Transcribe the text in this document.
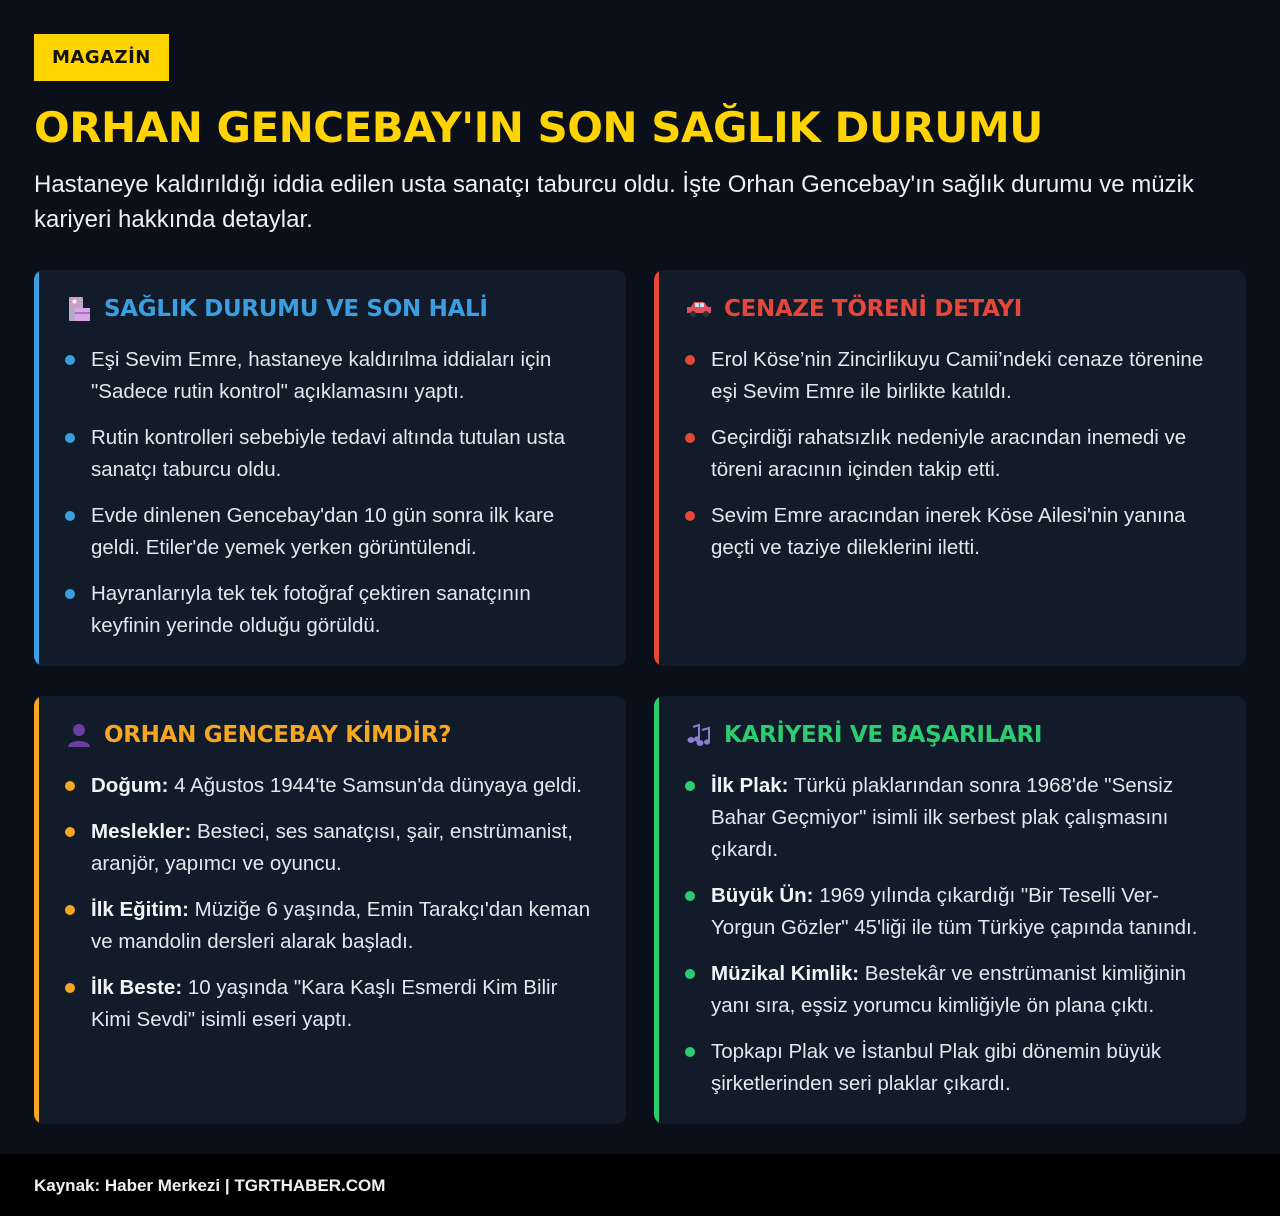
MAGAZİN
ORHAN GENCEBAY'IN SON SAĞLIK DURUMU

Hastaneye kaldırıldığı iddia edilen usta sanatçı taburcu oldu. İşte Orhan Gencebay'ın sağlık durumu ve müzik kariyeri hakkında detaylar.

SAĞLIK DURUMU VE SON HALİ
Eşi Sevim Emre, hastaneye kaldırılma iddiaları için "Sadece rutin kontrol" açıklamasını yaptı.
Rutin kontrolleri sebebiyle tedavi altında tutulan usta sanatçı taburcu oldu.
Evde dinlenen Gencebay'dan 10 gün sonra ilk kare geldi. Etiler'de yemek yerken görüntülendi.
Hayranlarıyla tek tek fotoğraf çektiren sanatçının keyfinin yerinde olduğu görüldü.
CENAZE TÖRENİ DETAYI
Erol Köse’nin Zincirlikuyu Camii’ndeki cenaze törenine eşi Sevim Emre ile birlikte katıldı.
Geçirdiği rahatsızlık nedeniyle aracından inemedi ve töreni aracının içinden takip etti.
Sevim Emre aracından inerek Köse Ailesi'nin yanına geçti ve taziye dileklerini iletti.
ORHAN GENCEBAY KİMDİR?
Doğum: 4 Ağustos 1944'te Samsun'da dünyaya geldi.
Meslekler: Besteci, ses sanatçısı, şair, enstrümanist, aranjör, yapımcı ve oyuncu.
İlk Eğitim: Müziğe 6 yaşında, Emin Tarakçı'dan keman ve mandolin dersleri alarak başladı.
İlk Beste: 10 yaşında "Kara Kaşlı Esmerdi Kim Bilir Kimi Sevdi" isimli eseri yaptı.
KARİYERİ VE BAŞARILARI
İlk Plak: Türkü plaklarından sonra 1968'de "Sensiz Bahar Geçmiyor" isimli ilk serbest plak çalışmasını çıkardı.
Büyük Ün: 1969 yılında çıkardığı "Bir Teselli Ver-Yorgun Gözler" 45'liği ile tüm Türkiye çapında tanındı.
Müzikal Kimlik: Bestekâr ve enstrümanist kimliğinin yanı sıra, eşsiz yorumcu kimliğiyle ön plana çıktı.
Topkapı Plak ve İstanbul Plak gibi dönemin büyük şirketlerinden seri plaklar çıkardı.
Kaynak: Haber Merkezi | TGRTHABER.COM
